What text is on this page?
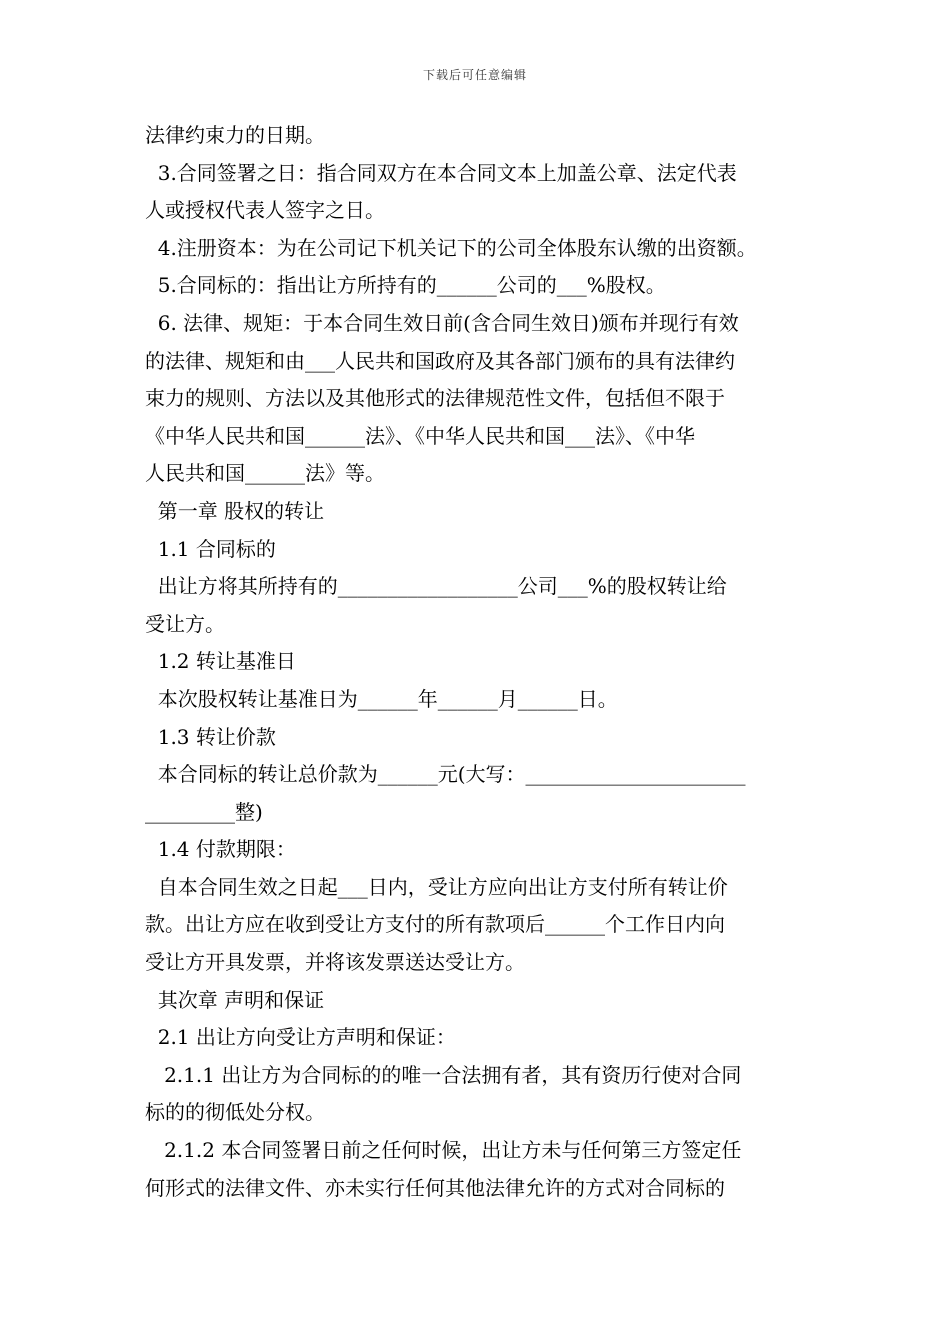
下载后可任意编辑
法律约束力的日期。
3.合同签署之日：指合同双方在本合同文本上加盖公章、法定代表
人或授权代表人签字之日。
4.注册资本：为在公司记下机关记下的公司全体股东认缴的出资额。
5.合同标的：指出让方所持有的______公司的___%股权。
6. 法律、规矩：于本合同生效日前(含合同生效日)颁布并现行有效
的法律、规矩和由___人民共和国政府及其各部门颁布的具有法律约
束力的规则、方法以及其他形式的法律规范性文件，包括但不限于
《中华人民共和国______法》、《中华人民共和国___法》、《中华
人民共和国______法》等。
第一章 股权的转让
1.1 合同标的
出让方将其所持有的__________________公司___%的股权转让给
受让方。
1.2 转让基准日
本次股权转让基准日为______年______月______日。
1.3 转让价款
本合同标的转让总价款为______元(大写：______________________
_________整)
1.4 付款期限：
自本合同生效之日起___日内，受让方应向出让方支付所有转让价
款。出让方应在收到受让方支付的所有款项后______个工作日内向
受让方开具发票，并将该发票送达受让方。
其次章 声明和保证
2.1 出让方向受让方声明和保证：
2.1.1 出让方为合同标的的唯一合法拥有者，其有资历行使对合同
标的的彻低处分权。
2.1.2 本合同签署日前之任何时候，出让方未与任何第三方签定任
何形式的法律文件、亦未实行任何其他法律允许的方式对合同标的
